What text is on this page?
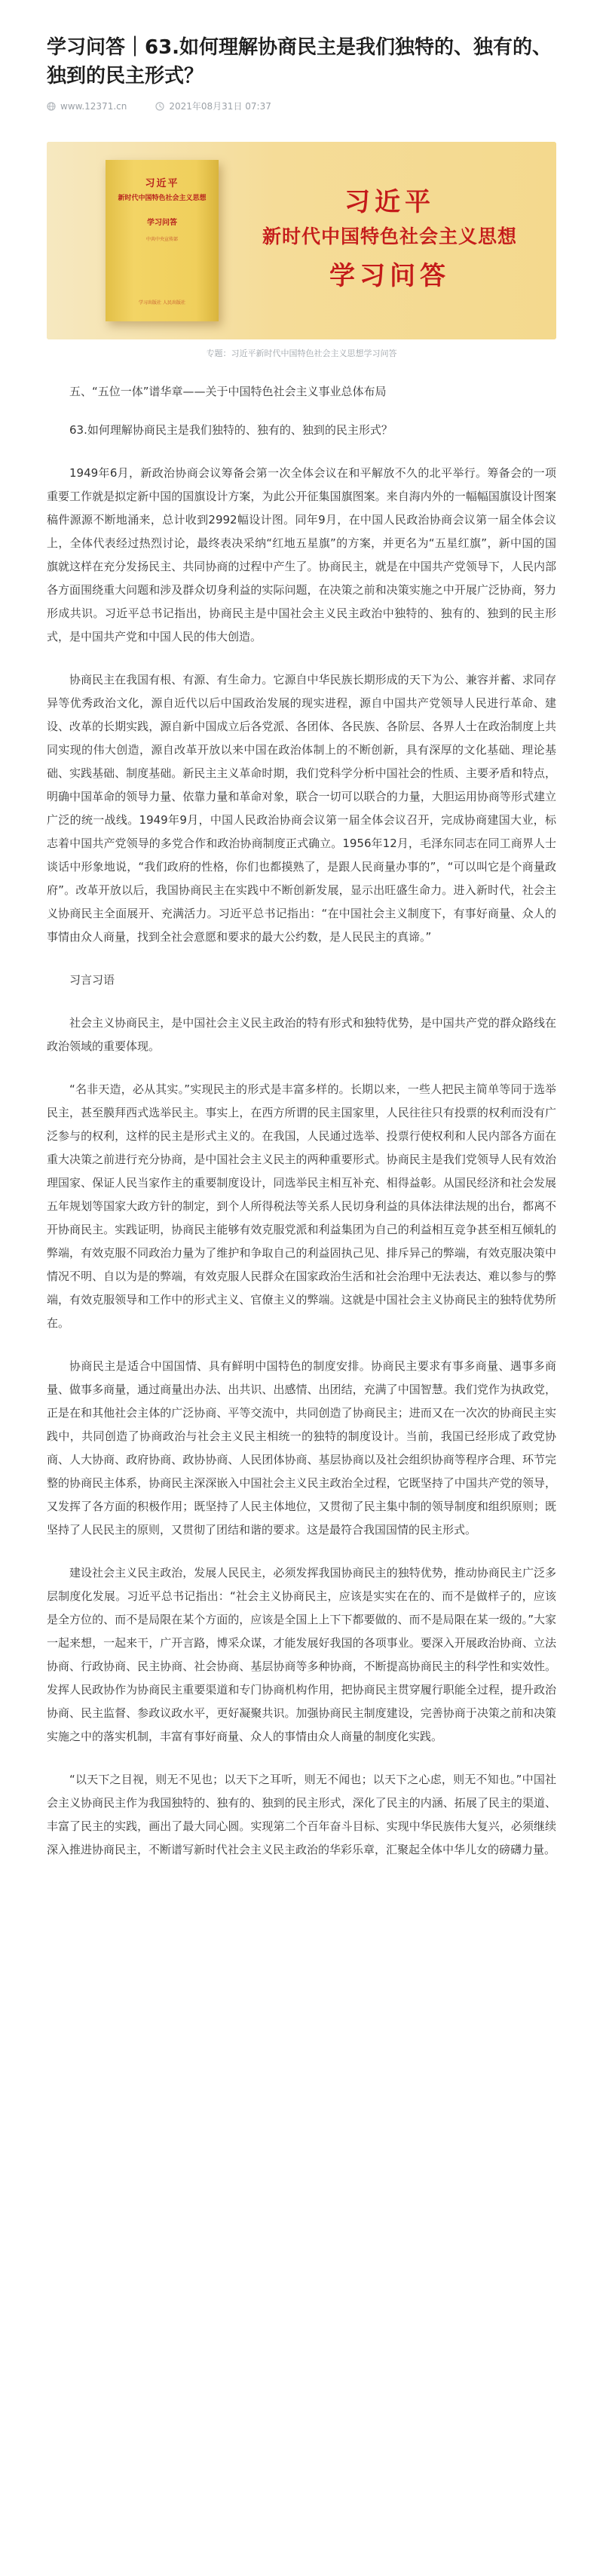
学习问答｜63.如何理解协商民主是我们独特的、独有的、独到的民主形式？
www.12371.cn	2021年08月31日 07:37
习近平
新时代中国特色社会主义思想
学习问答
中共中央宣传部
学习出版社 人民出版社
习近平
新时代中国特色社会主义思想
学习问答
专题：习近平新时代中国特色社会主义思想学习问答

五、“五位一体”谱华章——关于中国特色社会主义事业总体布局

63.如何理解协商民主是我们独特的、独有的、独到的民主形式？

1949年6月，新政治协商会议筹备会第一次全体会议在和平解放不久的北平举行。筹备会的一项重要工作就是拟定新中国的国旗设计方案，为此公开征集国旗图案。来自海内外的一幅幅国旗设计图案稿件源源不断地涌来，总计收到2992幅设计图。同年9月，在中国人民政治协商会议第一届全体会议上，全体代表经过热烈讨论，最终表决采纳“红地五星旗”的方案，并更名为“五星红旗”，新中国的国旗就这样在充分发扬民主、共同协商的过程中产生了。协商民主，就是在中国共产党领导下，人民内部各方面围绕重大问题和涉及群众切身利益的实际问题，在决策之前和决策实施之中开展广泛协商，努力形成共识。习近平总书记指出，协商民主是中国社会主义民主政治中独特的、独有的、独到的民主形式，是中国共产党和中国人民的伟大创造。

协商民主在我国有根、有源、有生命力。它源自中华民族长期形成的天下为公、兼容并蓄、求同存异等优秀政治文化，源自近代以后中国政治发展的现实进程，源自中国共产党领导人民进行革命、建设、改革的长期实践，源自新中国成立后各党派、各团体、各民族、各阶层、各界人士在政治制度上共同实现的伟大创造，源自改革开放以来中国在政治体制上的不断创新，具有深厚的文化基础、理论基础、实践基础、制度基础。新民主主义革命时期，我们党科学分析中国社会的性质、主要矛盾和特点，明确中国革命的领导力量、依靠力量和革命对象，联合一切可以联合的力量，大胆运用协商等形式建立广泛的统一战线。1949年9月，中国人民政治协商会议第一届全体会议召开，完成协商建国大业，标志着中国共产党领导的多党合作和政治协商制度正式确立。1956年12月，毛泽东同志在同工商界人士谈话中形象地说，“我们政府的性格，你们也都摸熟了，是跟人民商量办事的”，“可以叫它是个商量政府”。改革开放以后，我国协商民主在实践中不断创新发展，显示出旺盛生命力。进入新时代，社会主义协商民主全面展开、充满活力。习近平总书记指出：“在中国社会主义制度下，有事好商量、众人的事情由众人商量，找到全社会意愿和要求的最大公约数，是人民民主的真谛。”

习言习语

社会主义协商民主，是中国社会主义民主政治的特有形式和独特优势，是中国共产党的群众路线在政治领域的重要体现。

“名非天造，必从其实。”实现民主的形式是丰富多样的。长期以来，一些人把民主简单等同于选举民主，甚至膜拜西式选举民主。事实上，在西方所谓的民主国家里，人民往往只有投票的权利而没有广泛参与的权利，这样的民主是形式主义的。在我国，人民通过选举、投票行使权利和人民内部各方面在重大决策之前进行充分协商，是中国社会主义民主的两种重要形式。协商民主是我们党领导人民有效治理国家、保证人民当家作主的重要制度设计，同选举民主相互补充、相得益彰。从国民经济和社会发展五年规划等国家大政方针的制定，到个人所得税法等关系人民切身利益的具体法律法规的出台，都离不开协商民主。实践证明，协商民主能够有效克服党派和利益集团为自己的利益相互竞争甚至相互倾轧的弊端，有效克服不同政治力量为了维护和争取自己的利益固执己见、排斥异己的弊端，有效克服决策中情况不明、自以为是的弊端，有效克服人民群众在国家政治生活和社会治理中无法表达、难以参与的弊端，有效克服领导和工作中的形式主义、官僚主义的弊端。这就是中国社会主义协商民主的独特优势所在。

协商民主是适合中国国情、具有鲜明中国特色的制度安排。协商民主要求有事多商量、遇事多商量、做事多商量，通过商量出办法、出共识、出感情、出团结，充满了中国智慧。我们党作为执政党，正是在和其他社会主体的广泛协商、平等交流中，共同创造了协商民主；进而又在一次次的协商民主实践中，共同创造了协商政治与社会主义民主相统一的独特的制度设计。当前，我国已经形成了政党协商、人大协商、政府协商、政协协商、人民团体协商、基层协商以及社会组织协商等程序合理、环节完整的协商民主体系，协商民主深深嵌入中国社会主义民主政治全过程，它既坚持了中国共产党的领导，又发挥了各方面的积极作用；既坚持了人民主体地位，又贯彻了民主集中制的领导制度和组织原则；既坚持了人民民主的原则，又贯彻了团结和谐的要求。这是最符合我国国情的民主形式。

建设社会主义民主政治，发展人民民主，必须发挥我国协商民主的独特优势，推动协商民主广泛多层制度化发展。习近平总书记指出：“社会主义协商民主，应该是实实在在的、而不是做样子的，应该是全方位的、而不是局限在某个方面的，应该是全国上上下下都要做的、而不是局限在某一级的。”大家一起来想，一起来干，广开言路，博采众谋，才能发展好我国的各项事业。要深入开展政治协商、立法协商、行政协商、民主协商、社会协商、基层协商等多种协商，不断提高协商民主的科学性和实效性。发挥人民政协作为协商民主重要渠道和专门协商机构作用，把协商民主贯穿履行职能全过程，提升政治协商、民主监督、参政议政水平，更好凝聚共识。加强协商民主制度建设，完善协商于决策之前和决策实施之中的落实机制，丰富有事好商量、众人的事情由众人商量的制度化实践。

“以天下之目视，则无不见也；以天下之耳听，则无不闻也；以天下之心虑，则无不知也。”中国社会主义协商民主作为我国独特的、独有的、独到的民主形式，深化了民主的内涵、拓展了民主的渠道、丰富了民主的实践，画出了最大同心圆。实现第二个百年奋斗目标、实现中华民族伟大复兴，必须继续深入推进协商民主，不断谱写新时代社会主义民主政治的华彩乐章，汇聚起全体中华儿女的磅礴力量。
